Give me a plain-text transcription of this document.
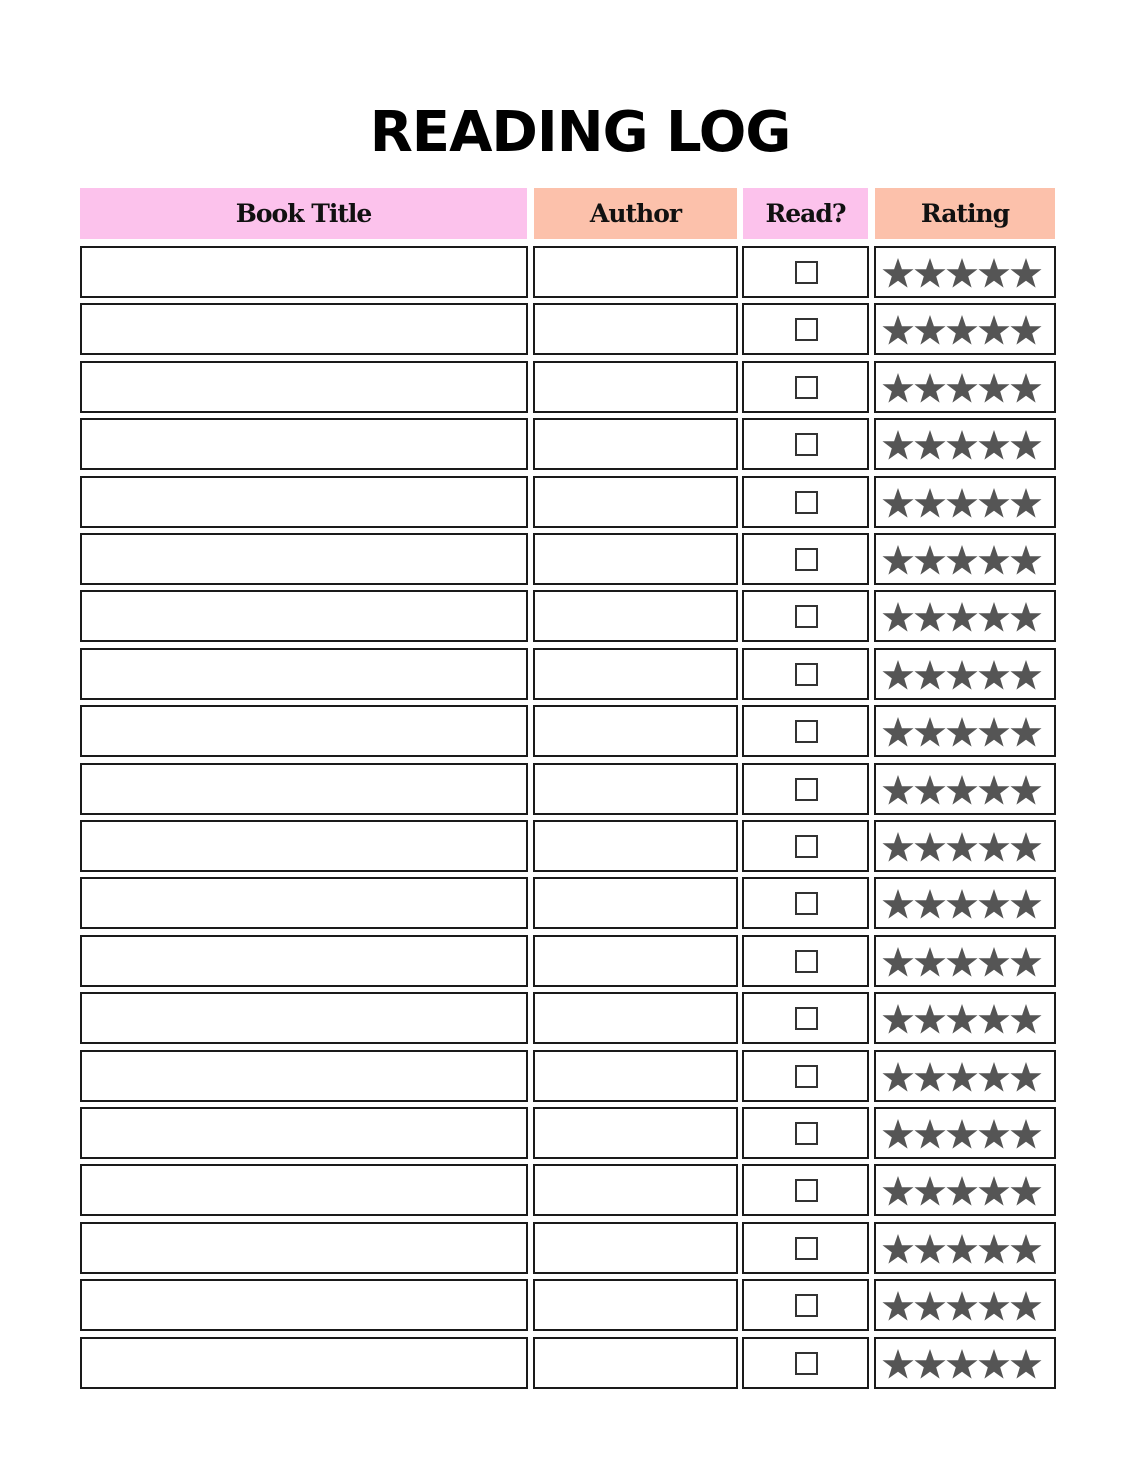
READING LOG
Book Title	Author	Read?	Rating
